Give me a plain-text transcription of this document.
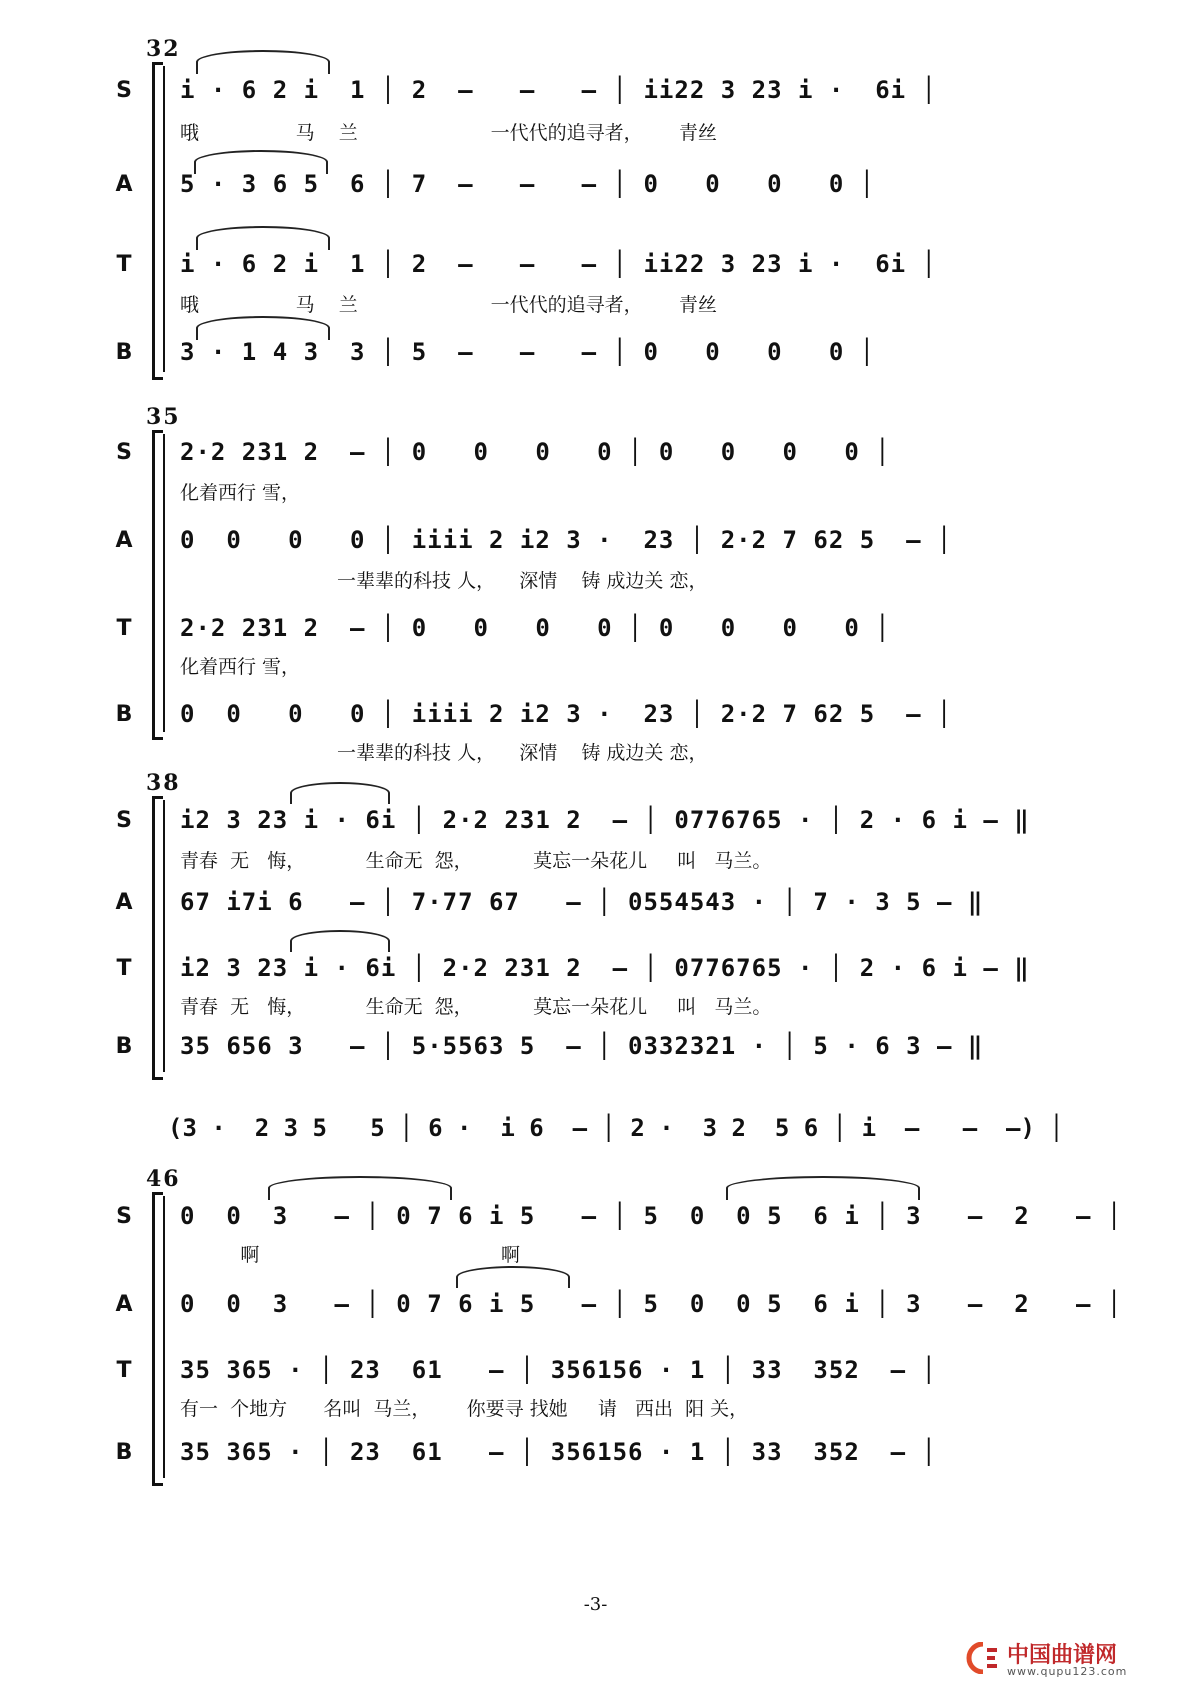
32
S i · 6 2 i  1 │ 2  –   –   – │ ii22 3 23 i ·  6i │
哦                马    兰                      一代代的追寻者，      青丝
A 5 · 3 6 5  6 │ 7  –   –   – │ 0   0   0   0 │
T i · 6 2 i  1 │ 2  –   –   – │ ii22 3 23 i ·  6i │
哦                马    兰                      一代代的追寻者，      青丝
B 3 · 1 4 3  3 │ 5  –   –   – │ 0   0   0   0 │
35
S 2·2 231 2  – │ 0   0   0   0 │ 0   0   0   0 │
化着西行 雪，
A 0  0   0   0 │ iiii 2 i2 3 ·  23 │ 2·2 7 62 5  – │
一辈辈的科技 人，    深情    铸 成边关 恋，
T 2·2 231 2  – │ 0   0   0   0 │ 0   0   0   0 │
化着西行 雪，
B 0  0   0   0 │ iiii 2 i2 3 ·  23 │ 2·2 7 62 5  – │
一辈辈的科技 人，    深情    铸 成边关 恋，
38
S i2 3 23 i · 6i │ 2·2 231 2  – │ 0776765 · │ 2 · 6 i – ‖
青春  无   悔，          生命无  怨，          莫忘一朵花儿     叫   马兰。
A 67 i7i 6   – │ 7·77 67   – │ 0554543 · │ 7 · 3 5 – ‖
T i2 3 23 i · 6i │ 2·2 231 2  – │ 0776765 · │ 2 · 6 i – ‖
青春  无   悔，          生命无  怨，          莫忘一朵花儿     叫   马兰。
B 35 656 3   – │ 5·5563 5  – │ 0332321 · │ 5 · 6 3 – ‖
(3 ·  2 3 5   5 │ 6 ·  i 6  – │ 2 ·  3 2  5 6 │ i  –   –  –) │
46
S 0  0  3   – │ 0 7 6 i 5   – │ 5  0  0 5  6 i │ 3   –  2   – │
啊                                        啊
A 0  0  3   – │ 0 7 6 i 5   – │ 5  0  0 5  6 i │ 3   –  2   – │
T 35 365 · │ 23  61   – │ 356156 · 1 │ 33  352  – │
有一  个地方      名叫  马兰，      你要寻 找她     请   西出  阳 关，
B 35 365 · │ 23  61   – │ 356156 · 1 │ 33  352  – │
-3-
中国曲谱网
www.qupu123.com
